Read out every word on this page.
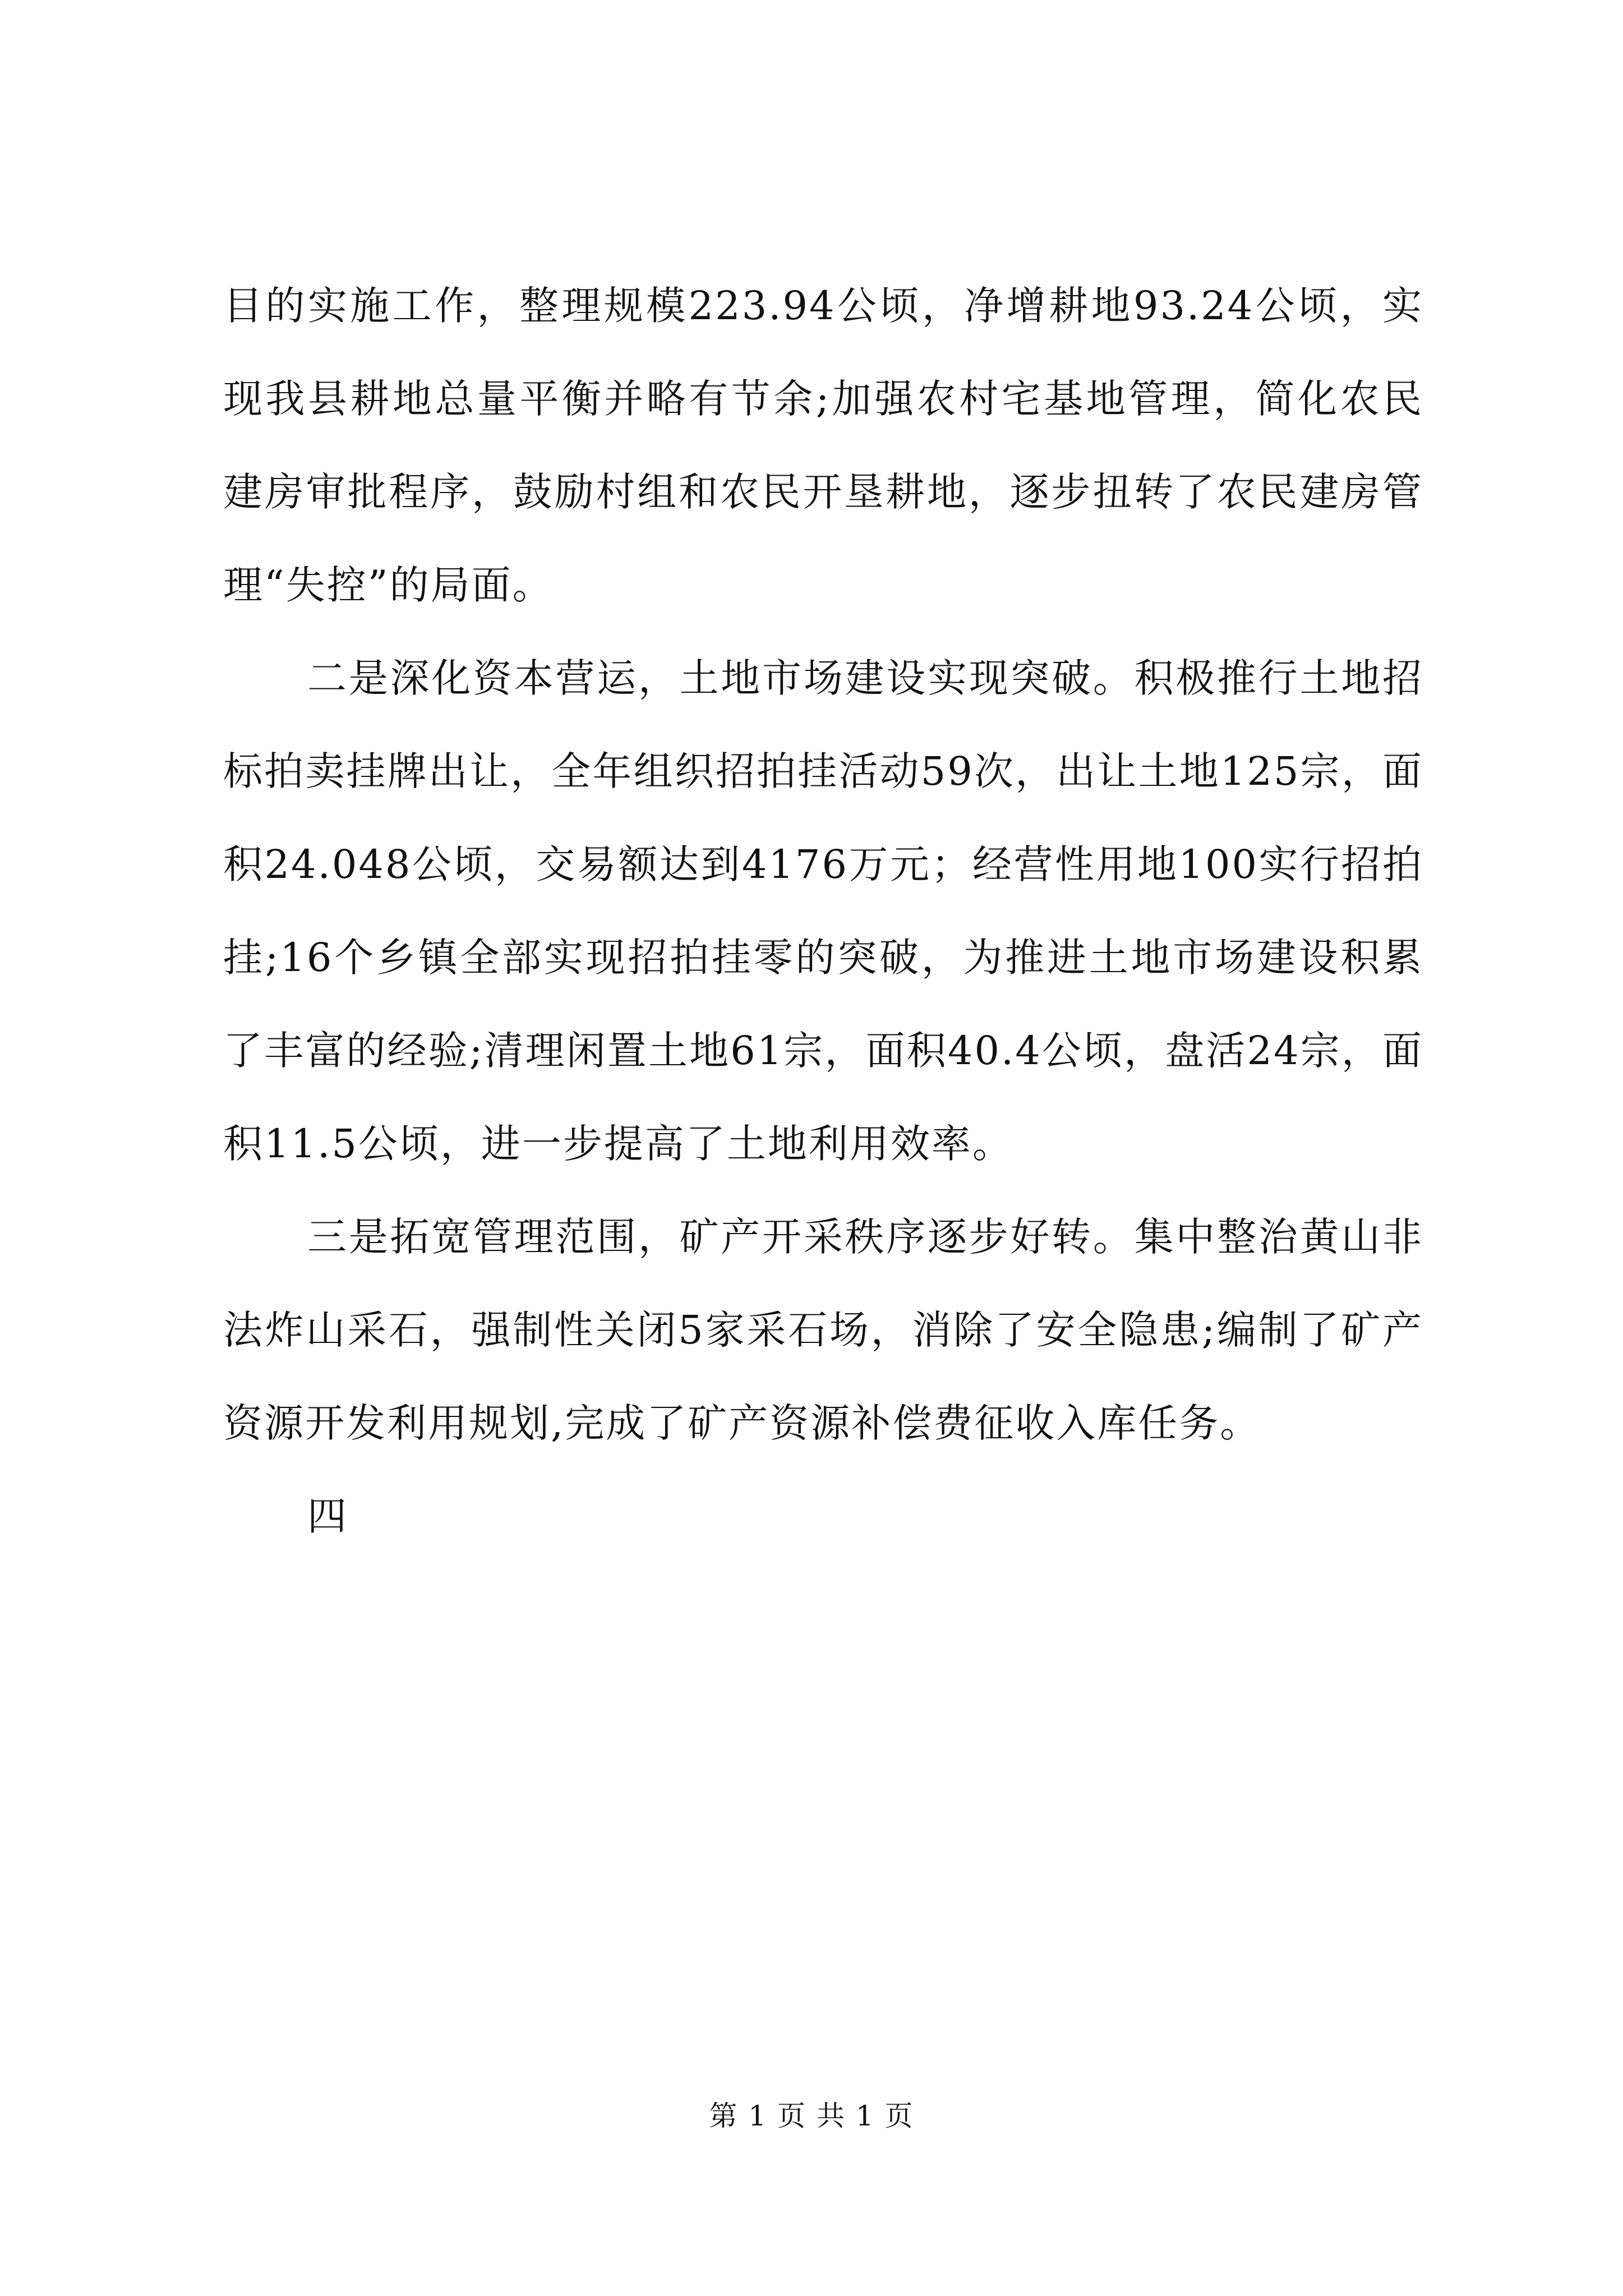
目的实施工作，整理规模223.94公顷，净增耕地93.24公顷，实现我县耕地总量平衡并略有节余;加强农村宅基地管理，简化农民建房审批程序，鼓励村组和农民开垦耕地，逐步扭转了农民建房管理“失控”的局面。

二是深化资本营运，土地市场建设实现突破。积极推行土地招标拍卖挂牌出让，全年组织招拍挂活动59次，出让土地125宗，面积24.048公顷，交易额达到4176万元；经营性用地100实行招拍挂;16个乡镇全部实现招拍挂零的突破，为推进土地市场建设积累了丰富的经验;清理闲置土地61宗，面积40.4公顷，盘活24宗，面积11.5公顷，进一步提高了土地利用效率。

三是拓宽管理范围，矿产开采秩序逐步好转。集中整治黄山非法炸山采石，强制性关闭5家采石场，消除了安全隐患;编制了矿产资源开发利用规划,完成了矿产资源补偿费征收入库任务。

四

第 1 页 共 1 页
